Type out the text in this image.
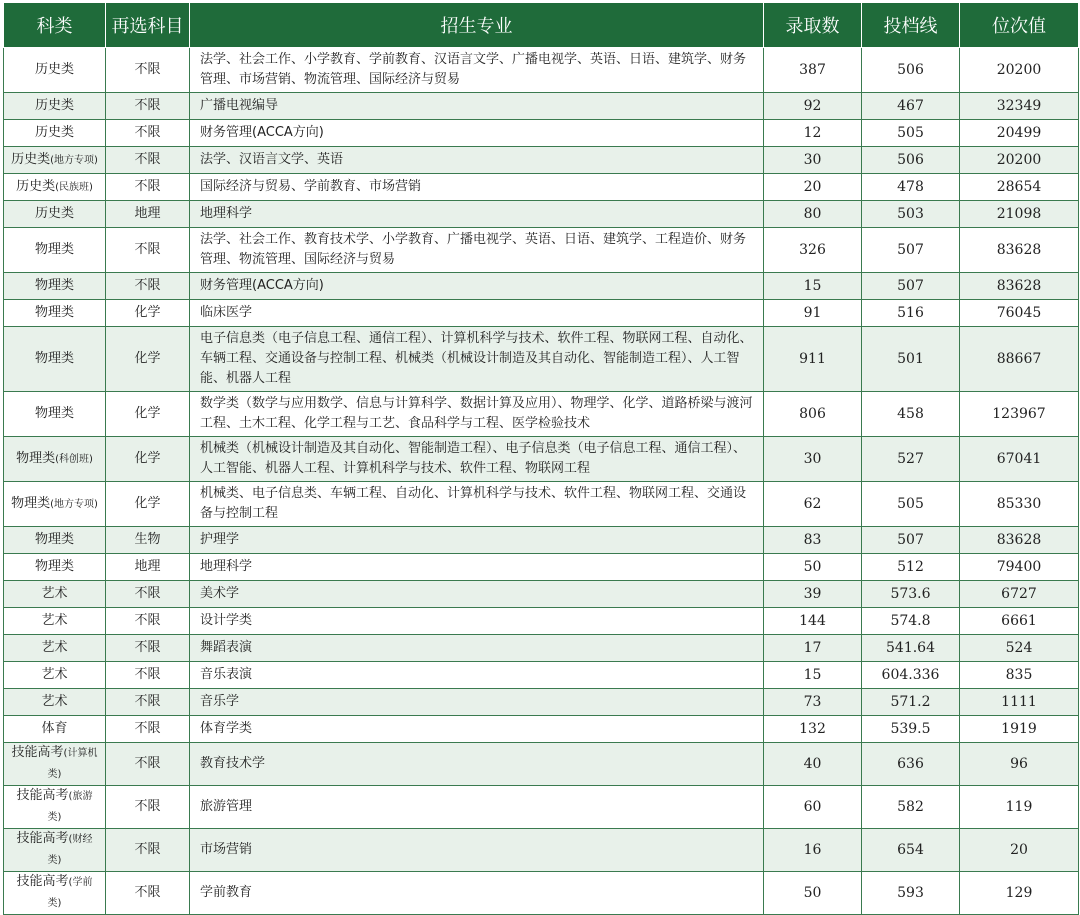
科类	再选科目	招生专业	录取数	投档线	位次值
历史类	不限	法学、社会工作、小学教育、学前教育、汉语言文学、广播电视学、英语、日语、建筑学、财务管理、市场营销、物流管理、国际经济与贸易	387	506	20200
历史类	不限	广播电视编导	92	467	32349
历史类	不限	财务管理(ACCA方向)	12	505	20499
历史类(地方专项)	不限	法学、汉语言文学、英语	30	506	20200
历史类(民族班)	不限	国际经济与贸易、学前教育、市场营销	20	478	28654
历史类	地理	地理科学	80	503	21098
物理类	不限	法学、社会工作、教育技术学、小学教育、广播电视学、英语、日语、建筑学、工程造价、财务管理、物流管理、国际经济与贸易	326	507	83628
物理类	不限	财务管理(ACCA方向)	15	507	83628
物理类	化学	临床医学	91	516	76045
物理类	化学	电子信息类（电子信息工程、通信工程）、计算机科学与技术、软件工程、物联网工程、自动化、车辆工程、交通设备与控制工程、机械类（机械设计制造及其自动化、智能制造工程）、人工智能、机器人工程	911	501	88667
物理类	化学	数学类（数学与应用数学、信息与计算科学、数据计算及应用）、物理学、化学、道路桥梁与渡河工程、土木工程、化学工程与工艺、食品科学与工程、医学检验技术	806	458	123967
物理类(科创班)	化学	机械类（机械设计制造及其自动化、智能制造工程）、电子信息类（电子信息工程、通信工程）、人工智能、机器人工程、计算机科学与技术、软件工程、物联网工程	30	527	67041
物理类(地方专项)	化学	机械类、电子信息类、车辆工程、自动化、计算机科学与技术、软件工程、物联网工程、交通设备与控制工程	62	505	85330
物理类	生物	护理学	83	507	83628
物理类	地理	地理科学	50	512	79400
艺术	不限	美术学	39	573.6	6727
艺术	不限	设计学类	144	574.8	6661
艺术	不限	舞蹈表演	17	541.64	524
艺术	不限	音乐表演	15	604.336	835
艺术	不限	音乐学	73	571.2	1111
体育	不限	体育学类	132	539.5	1919
技能高考(计算机类)	不限	教育技术学	40	636	96
技能高考(旅游类)	不限	旅游管理	60	582	119
技能高考(财经类)	不限	市场营销	16	654	20
技能高考(学前类)	不限	学前教育	50	593	129
